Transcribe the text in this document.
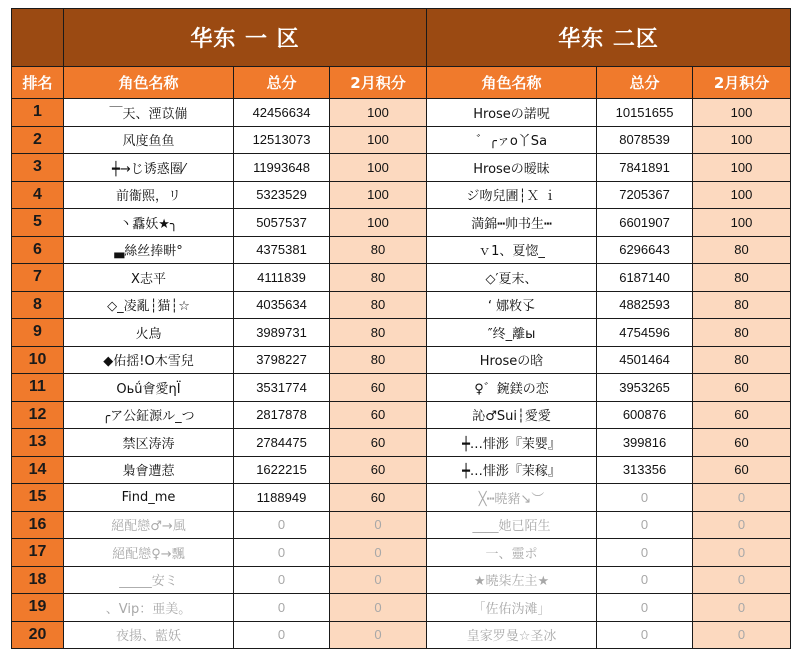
	华东 一 区			华东 二区		
排名	角色名称	总分	2月积分	角色名称	总分	2月积分
1	￣天、湮苡傰	42456634	100	Hroseの諾呪	10151655	100
2	风度鱼鱼	12513073	100	゛╭ァo丫Sa	8078539	100
3	┿→じ诱惑圈⁄	11993648	100	Hroseの暧昧	7841891	100
4	前衞熙，リ	5323529	100	ジ吻兒圕┆Ｘ ｉ	7205367	100
5	丶馫妖★╮	5057537	100	満錦┅帅书生┅	6601907	100
6	▃絲丝捧畊°	4375381	80	ｖ1、夏惚_	6296643	80
7	X志平	4111839	80	◇′夏末、	6187140	80
8	◇_凌亂┆猫┆☆	4035634	80	‘ 娜敉孓	4882593	80
9	火鳥	3989731	80	″终_離ы	4754596	80
10	◆佑揺!O木雪兒	3798227	80	Hroseの晗	4501464	80
11	Oьǘ會愛ηΪ	3531774	60	♀゛鋺鎂の恋	3953265	60
12	╭ア公鉦源ル_つ	2817878	60	訫♂Sui┆愛愛	600876	60
13	禁区涛涛	2784475	60	┿…悱浵『茉婴』	399816	60
14	梟會遭惹	1622215	60	┿…悱浵『茉稼』	313356	60
15	Find_me	1188949	60	╳┅曉豬↘︶	0	0
16	絕配戀♂→風	0	0	____她已陌生	0	0
17	絕配戀♀→飄	0	0	一、靈ポ	0	0
18	_____安ミ	0	0	★曉柒左主★	0	0
19	、Vip：亜美。	0	0	「佐佑沩滩」	0	0
20	夜揚、藍妖	0	0	皇家罗曼☆圣冰	0	0
